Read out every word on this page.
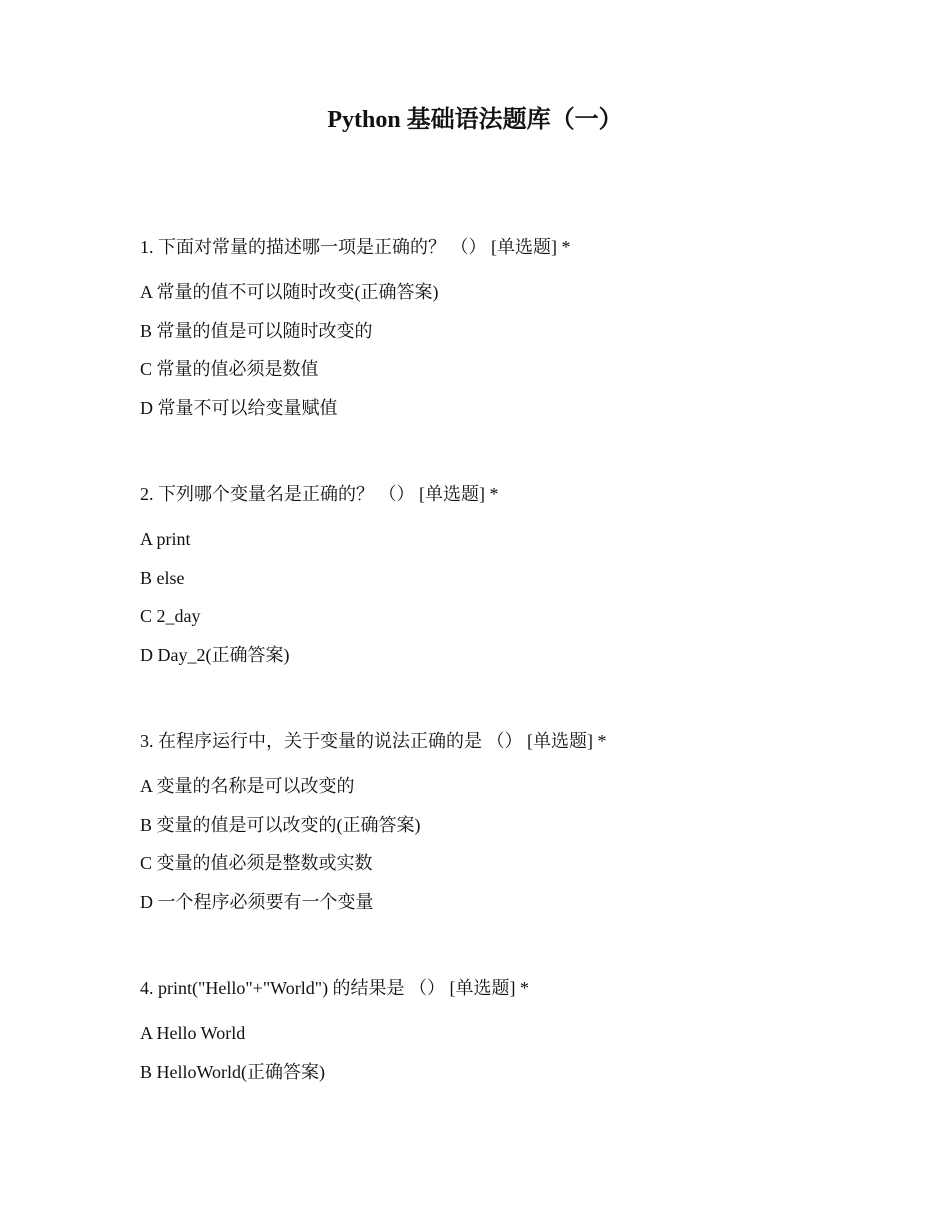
Python 基础语法题库（一）
1. 下面对常量的描述哪一项是正确的？ （） [单选题] *
A 常量的值不可以随时改变(正确答案)
B 常量的值是可以随时改变的
C 常量的值必须是数值
D 常量不可以给变量赋值
2. 下列哪个变量名是正确的？ （） [单选题] *
A print
B else
C 2_day
D Day_2(正确答案)
3. 在程序运行中，关于变量的说法正确的是 （） [单选题] *
A 变量的名称是可以改变的
B 变量的值是可以改变的(正确答案)
C 变量的值必须是整数或实数
D 一个程序必须要有一个变量
4. print("Hello"+"World") 的结果是 （） [单选题] *
A Hello World
B HelloWorld(正确答案)
